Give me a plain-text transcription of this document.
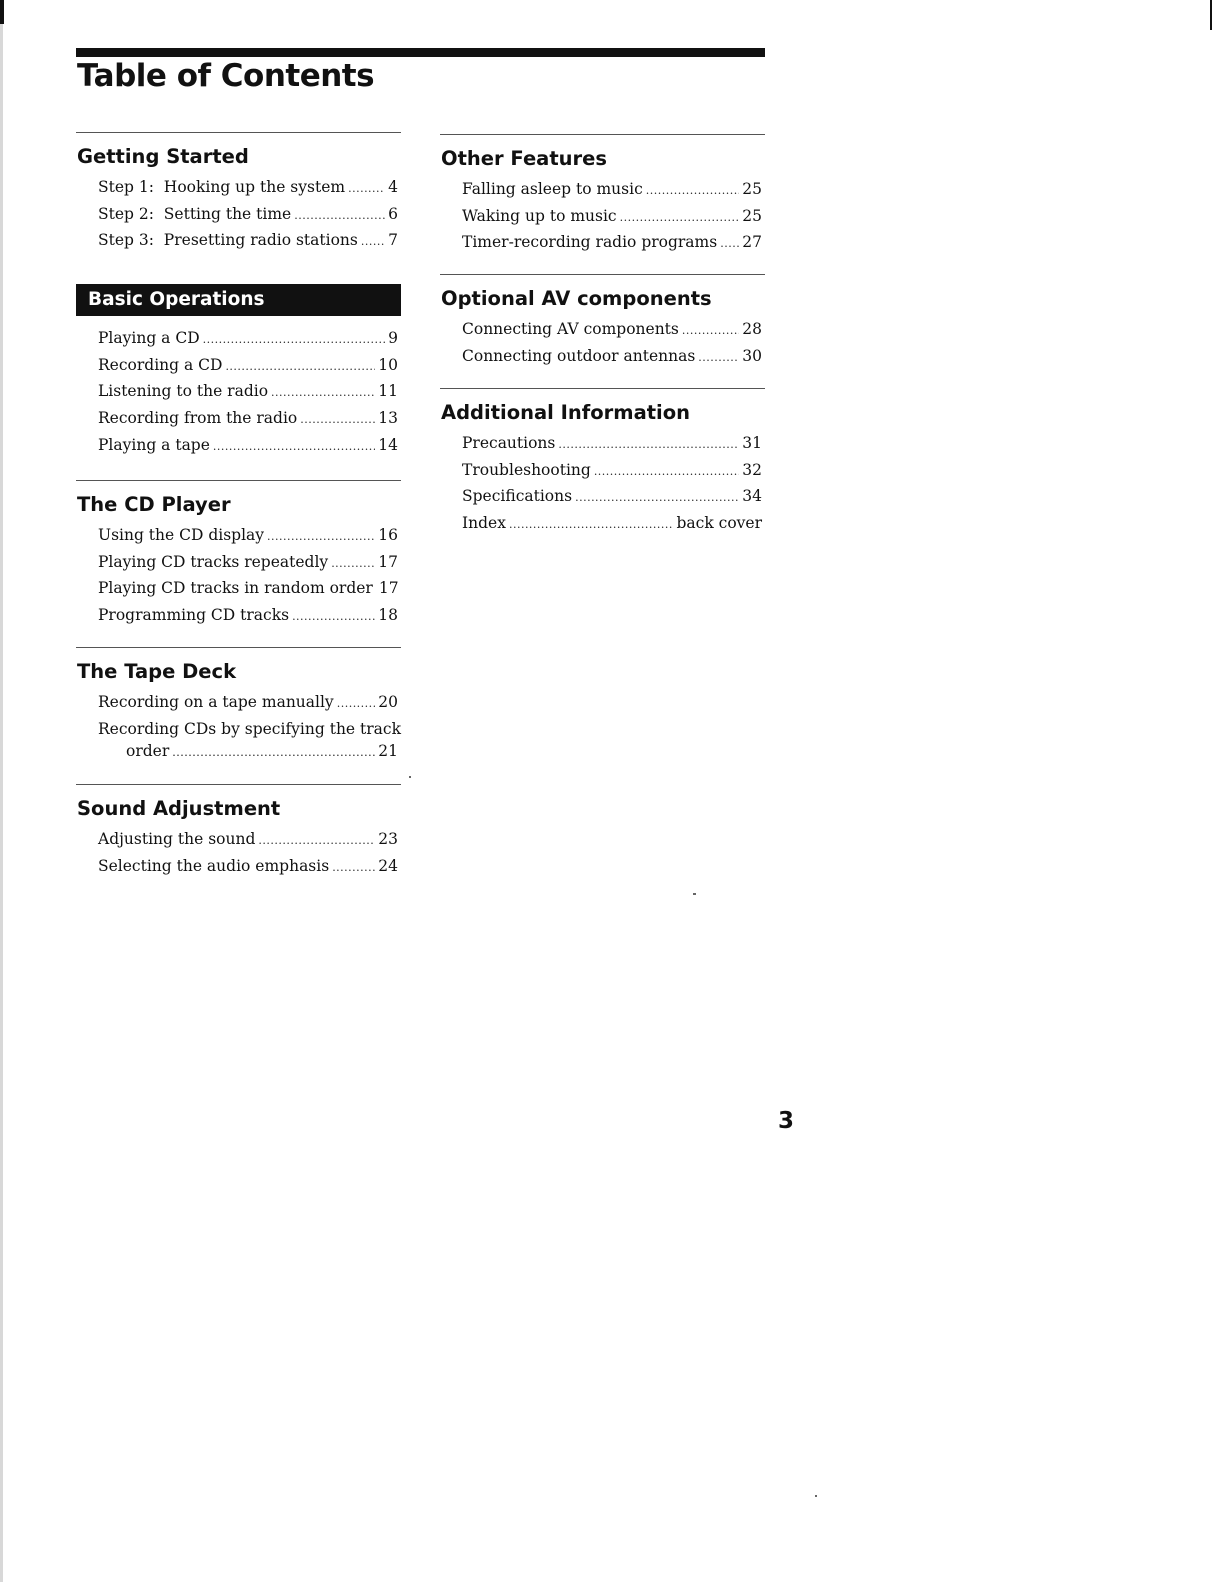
Table of Contents
Getting Started
Step 1:  Hooking up the system .....	4
Step 2:  Setting the time .....	6
Step 3:  Presetting radio stations ..... 7
Basic Operations
Playing a CD .....	9
Recording a CD .....	10
Listening to the radio .....	11
Recording from the radio .....	13
Playing a tape .....	14
The CD Player
Using the CD display .....	16
Playing CD tracks repeatedly .....	17
Playing CD tracks in random order 17
Programming CD tracks .....	18
The Tape Deck
Recording on a tape manually .....	20
Recording CDs by specifying the track
order .....	21
Sound Adjustment
Adjusting the sound .....	23
Selecting the audio emphasis .....	24
Other Features
Falling asleep to music .....	25
Waking up to music .....	25
Timer-recording radio programs ..... 27
Optional AV components
Connecting AV components .....	28
Connecting outdoor antennas .....	30
Additional Information
Precautions .....	31
Troubleshooting .....	32
Specifications .....	34
Index .....	back cover

3
